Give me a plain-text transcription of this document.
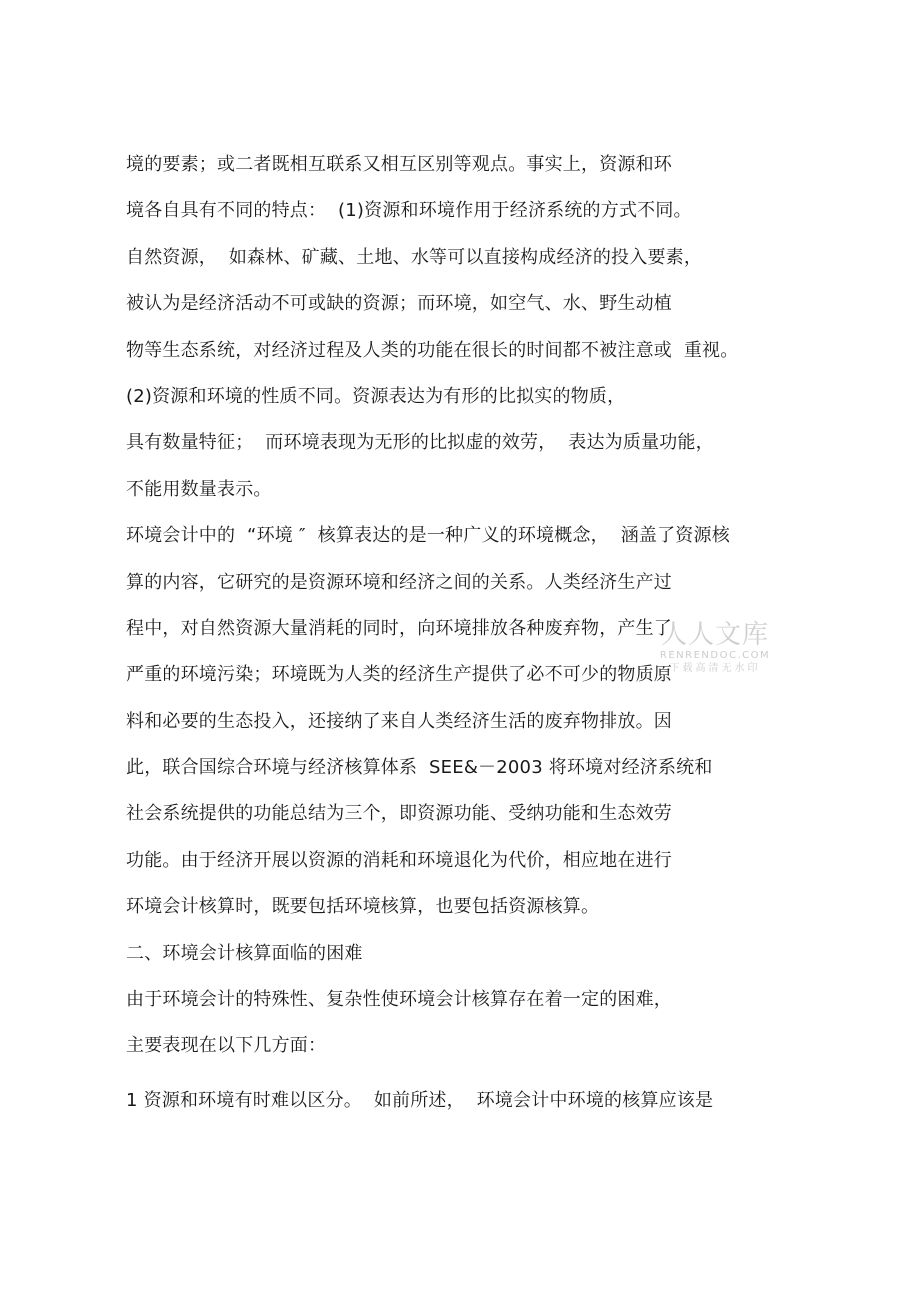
境的要素；或二者既相互联系又相互区别等观点。事实上，资源和环
境各自具有不同的特点：  (1)资源和环境作用于经济系统的方式不同。
自然资源，  如森林、矿藏、土地、水等可以直接构成经济的投入要素，
被认为是经济活动不可或缺的资源；而环境，如空气、水、野生动植
物等生态系统，对经济过程及人类的功能在很长的时间都不被注意或  重视。
(2)资源和环境的性质不同。资源表达为有形的比拟实的物质，
具有数量特征；  而环境表现为无形的比拟虚的效劳，  表达为质量功能，
不能用数量表示。
环境会计中的  “环境 ″  核算表达的是一种广义的环境概念，  涵盖了资源核
算的内容，它研究的是资源环境和经济之间的关系。人类经济生产过
程中，对自然资源大量消耗的同时，向环境排放各种废弃物，产生了
严重的环境污染；环境既为人类的经济生产提供了必不可少的物质原
料和必要的生态投入，还接纳了来自人类经济生活的废弃物排放。因
此，联合国综合环境与经济核算体系  SEE&－2003 将环境对经济系统和
社会系统提供的功能总结为三个，即资源功能、受纳功能和生态效劳
功能。由于经济开展以资源的消耗和环境退化为代价，相应地在进行
环境会计核算时，既要包括环境核算，也要包括资源核算。
二、环境会计核算面临的困难
由于环境会计的特殊性、复杂性使环境会计核算存在着一定的困难，
主要表现在以下几方面：
1 资源和环境有时难以区分。  如前所述，  环境会计中环境的核算应该是
人人文库
RENRENDOC.COM
下载高清无水印
